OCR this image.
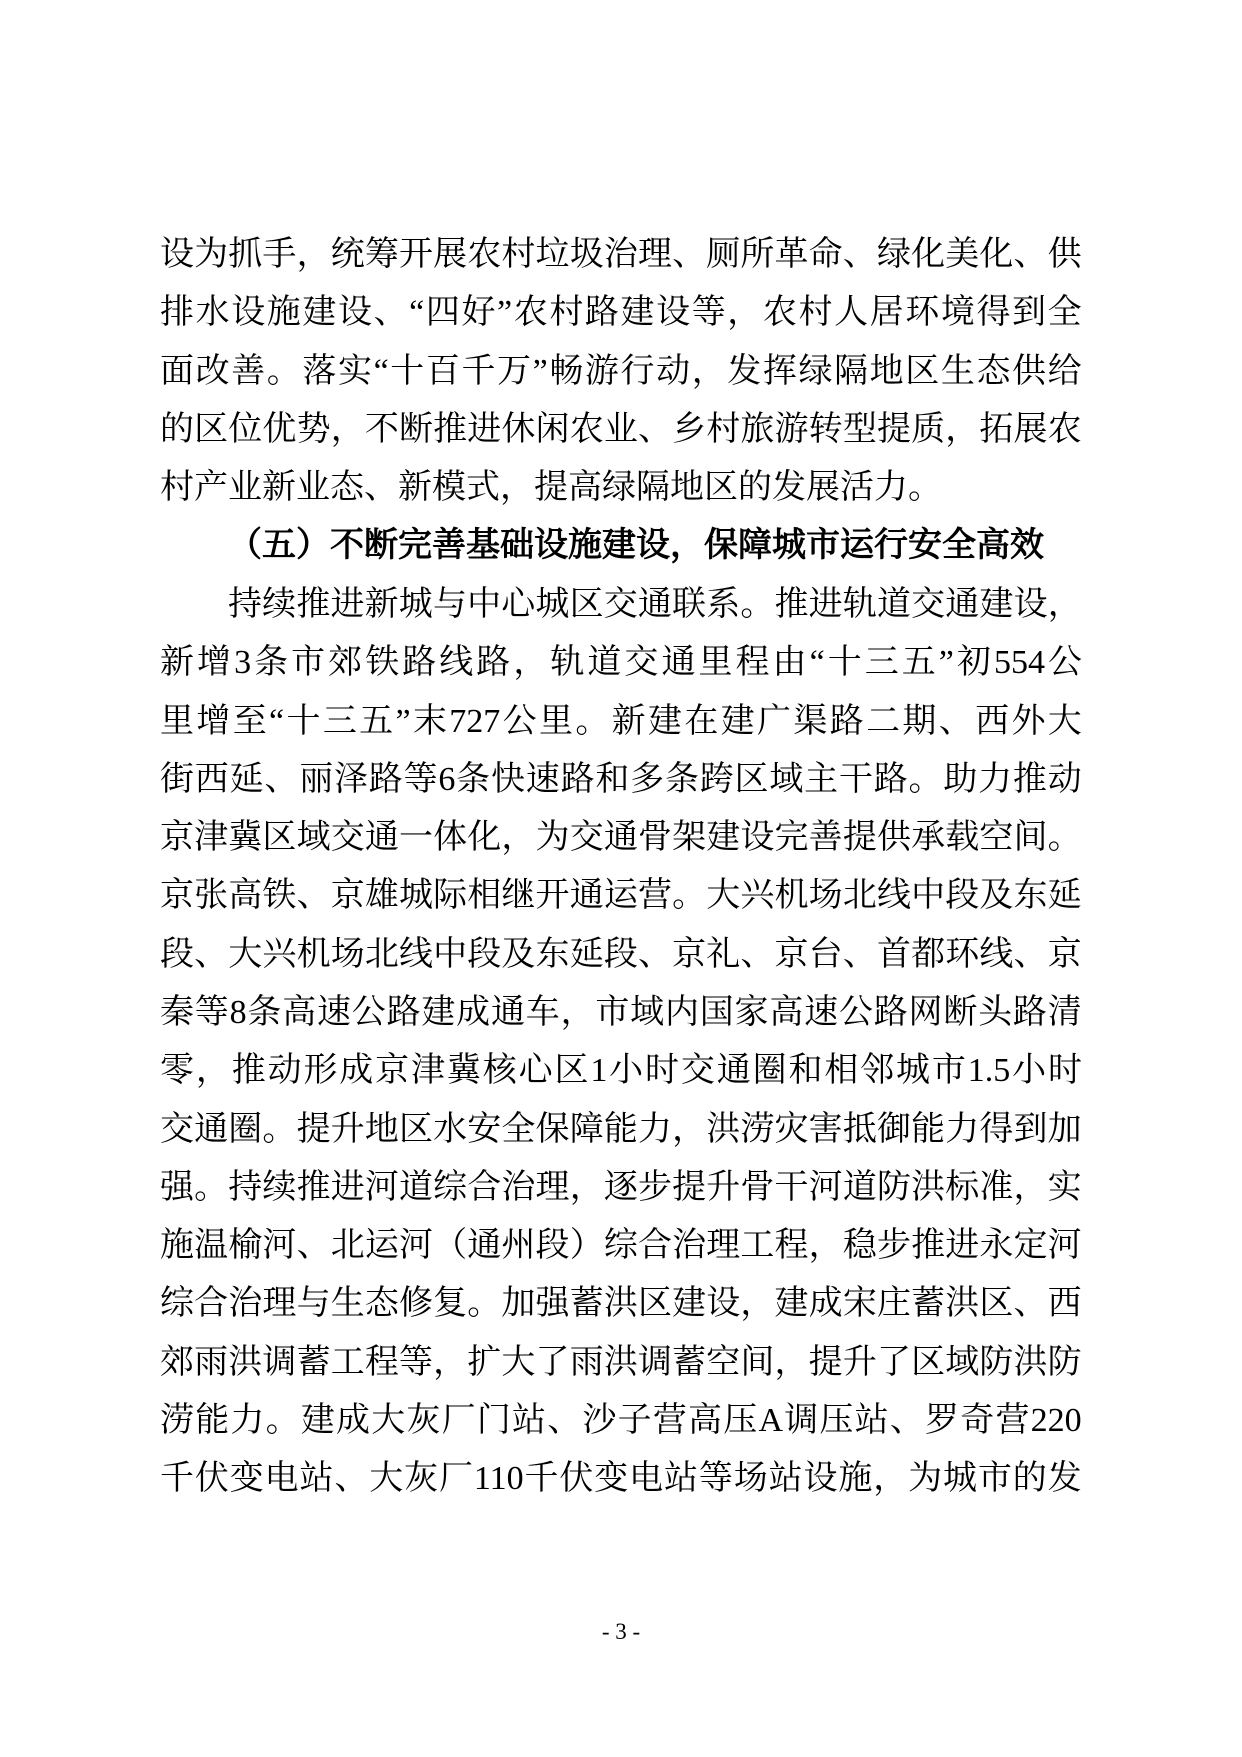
设 为 抓 手 ， 统 筹 开 展 农 村 垃 圾 治 理 、 厕 所 革 命 、 绿 化 美 化 、 供
排 水 设 施 建 设 、 “ 四 好 ” 农 村 路 建 设 等 ， 农 村 人 居 环 境 得 到 全
面 改 善 。 落 实 “ 十 百 千 万 ” 畅 游 行 动 ， 发 挥 绿 隔 地 区 生 态 供 给
的 区 位 优 势 ， 不 断 推 进 休 闲 农 业 、 乡 村 旅 游 转 型 提 质 ， 拓 展 农
村产业新业态、新模式，提高绿隔地区的发展活力。
（五）不断完善基础设施建设，保障城市运行安全高效
持 续 推 进 新 城 与 中 心 城 区 交 通 联 系 。 推 进 轨 道 交 通 建 设 ，
新 增 3 条 市 郊 铁 路 线 路 ， 轨 道 交 通 里 程 由 “ 十 三 五 ” 初 554 公
里 增 至 “ 十 三 五 ” 末 727 公 里 。 新 建 在 建 广 渠 路 二 期 、 西 外 大
街 西 延 、 丽 泽 路 等 6 条 快 速 路 和 多 条 跨 区 域 主 干 路 。 助 力 推 动
京 津 冀 区 域 交 通 一 体 化 ， 为 交 通 骨 架 建 设 完 善 提 供 承 载 空 间 。
京 张 高 铁 、 京 雄 城 际 相 继 开 通 运 营 。 大 兴 机 场 北 线 中 段 及 东 延
段 、 大 兴 机 场 北 线 中 段 及 东 延 段 、 京 礼 、 京 台 、 首 都 环 线 、 京
秦 等 8 条 高 速 公 路 建 成 通 车 ， 市 域 内 国 家 高 速 公 路 网 断 头 路 清
零 ， 推 动 形 成 京 津 冀 核 心 区 1 小 时 交 通 圈 和 相 邻 城 市 1.5 小 时
交 通 圈 。 提 升 地 区 水 安 全 保 障 能 力 ， 洪 涝 灾 害 抵 御 能 力 得 到 加
强 。 持 续 推 进 河 道 综 合 治 理 ， 逐 步 提 升 骨 干 河 道 防 洪 标 准 ， 实
施 温 榆 河 、 北 运 河 （ 通 州 段 ） 综 合 治 理 工 程 ， 稳 步 推 进 永 定 河
综 合 治 理 与 生 态 修 复 。 加 强 蓄 洪 区 建 设 ， 建 成 宋 庄 蓄 洪 区 、 西
郊 雨 洪 调 蓄 工 程 等 ， 扩 大 了 雨 洪 调 蓄 空 间 ， 提 升 了 区 域 防 洪 防
涝 能 力 。 建 成 大 灰 厂 门 站 、 沙 子 营 高 压 A 调 压 站 、 罗 奇 营 220
千 伏 变 电 站 、 大 灰 厂 110 千 伏 变 电 站 等 场 站 设 施 ， 为 城 市 的 发
- 3 -
